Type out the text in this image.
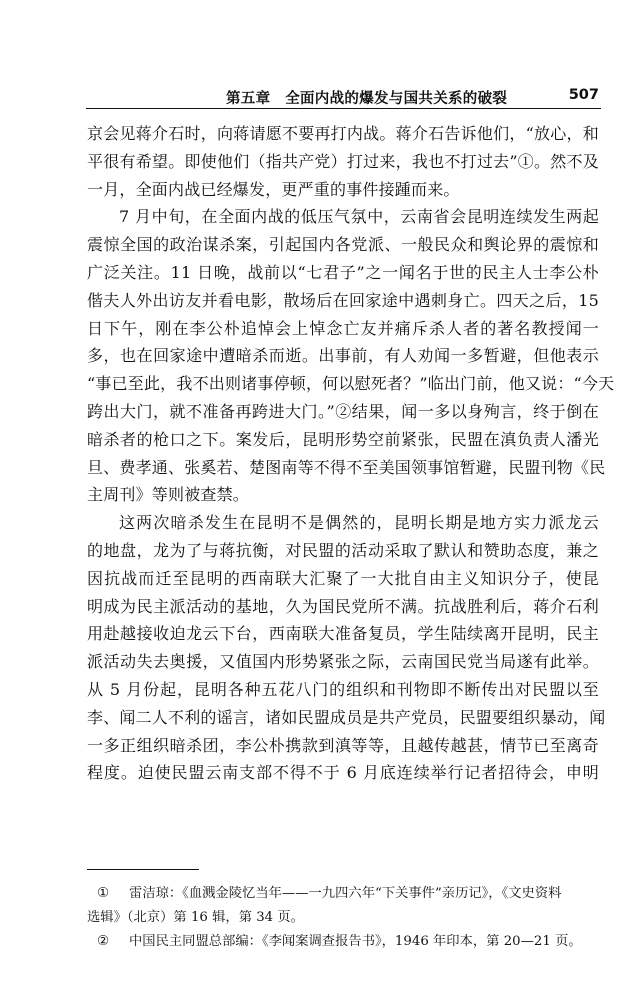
第五章　全面内战的爆发与国共关系的破裂	507
京会见蒋介石时，向蒋请愿不要再打内战。蒋介石告诉他们，“放心，和
平很有希望。即使他们（指共产党）打过来，我也不打过去”①。然不及
一月，全面内战已经爆发，更严重的事件接踵而来。
7 月中旬，在全面内战的低压气氛中，云南省会昆明连续发生两起
震惊全国的政治谋杀案，引起国内各党派、一般民众和舆论界的震惊和
广泛关注。11 日晚，战前以“七君子”之一闻名于世的民主人士李公朴
偕夫人外出访友并看电影，散场后在回家途中遇刺身亡。四天之后，15
日下午，刚在李公朴追悼会上悼念亡友并痛斥杀人者的著名教授闻一
多，也在回家途中遭暗杀而逝。出事前，有人劝闻一多暂避，但他表示
“事已至此，我不出则诸事停顿，何以慰死者？”临出门前，他又说：“今天
跨出大门，就不准备再跨进大门。”②结果，闻一多以身殉言，终于倒在
暗杀者的枪口之下。案发后，昆明形势空前紧张，民盟在滇负责人潘光
旦、费孝通、张奚若、楚图南等不得不至美国领事馆暂避，民盟刊物《民
主周刊》等则被查禁。
这两次暗杀发生在昆明不是偶然的，昆明长期是地方实力派龙云
的地盘，龙为了与蒋抗衡，对民盟的活动采取了默认和赞助态度，兼之
因抗战而迁至昆明的西南联大汇聚了一大批自由主义知识分子，使昆
明成为民主派活动的基地，久为国民党所不满。抗战胜利后，蒋介石利
用赴越接收迫龙云下台，西南联大准备复员，学生陆续离开昆明，民主
派活动失去奥援，又值国内形势紧张之际，云南国民党当局遂有此举。
从 5 月份起，昆明各种五花八门的组织和刊物即不断传出对民盟以至
李、闻二人不利的谣言，诸如民盟成员是共产党员，民盟要组织暴动，闻
一多正组织暗杀团，李公朴携款到滇等等，且越传越甚，情节已至离奇
程度。迫使民盟云南支部不得不于 6 月底连续举行记者招待会，申明
① 雷洁琼：《血溅金陵忆当年——一九四六年“下关事件”亲历记》，《文史资料
选辑》（北京）第 16 辑，第 34 页。
② 中国民主同盟总部编：《李闻案调查报告书》，1946 年印本，第 20—21 页。
